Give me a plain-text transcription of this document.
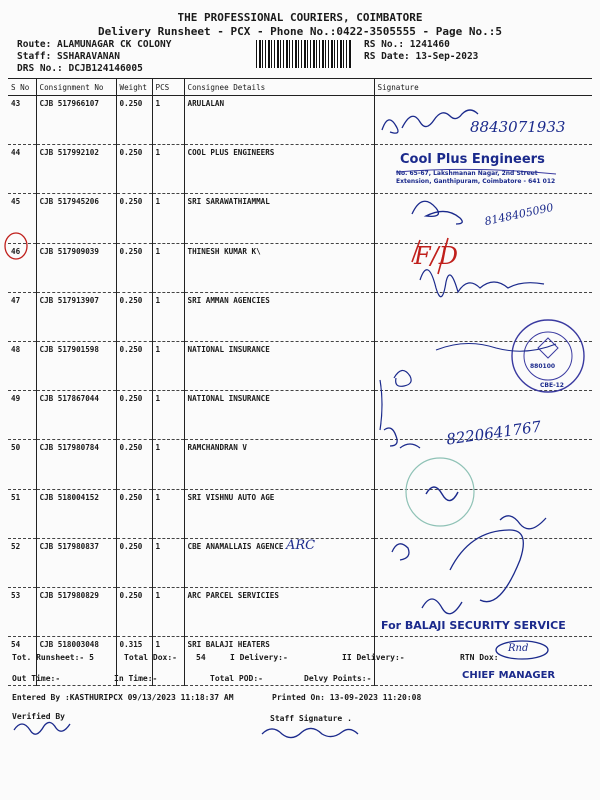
THE PROFESSIONAL COURIERS, COIMBATORE
Delivery Runsheet - PCX - Phone No.:0422-3505555 - Page No.:5
Route: ALAMUNAGAR CK COLONY
Staff: SSHARAVANAN
DRS No.: DCJB124146005
RS No.: 1241460
RS Date: 13-Sep-2023
S No	Consignment No	Weight	PCS	Consignee Details	Signature
43	CJB 517966107	0.250	1	ARULALAN	
44	CJB 517992102	0.250	1	COOL PLUS ENGINEERS	
45	CJB 517945206	0.250	1	SRI SARAWATHIAMMAL	
46	CJB 517909039	0.250	1	THINESH KUMAR K\	
47	CJB 517913907	0.250	1	SRI AMMAN AGENCIES	
48	CJB 517901598	0.250	1	NATIONAL INSURANCE	
49	CJB 517867044	0.250	1	NATIONAL INSURANCE	
50	CJB 517980784	0.250	1	RAMCHANDRAN V	
51	CJB 518004152	0.250	1	SRI VISHNU AUTO AGE	
52	CJB 517980837	0.250	1	CBE ANAMALLAIS AGENCE	
53	CJB 517980829	0.250	1	ARC PARCEL SERVICIES	
54	CJB 518003048	0.315	1	SRI BALAJI HEATERS	
8843071933
Cool Plus Engineers
No. 65-67, Lakshmanan Nagar, 2nd Street Extension, Ganthipuram, Coimbatore - 641 012
8148405090
F/D
CBE-12
880100
8220641767
ARC
For BALAJI SECURITY SERVICE
CHIEF MANAGER
Rnd
Tot. Runsheet:- 5	Total Dox:- 54	I Delivery:-	II Delivery:-	RTN Dox:
Out Time:-	In Time:-	Total POD:-	Delvy Points:-
Entered By :KASTHURIPCX 09/13/2023 11:18:37 AM	Printed On: 13-09-2023 11:20:08
Verified By	Staff Signature .
